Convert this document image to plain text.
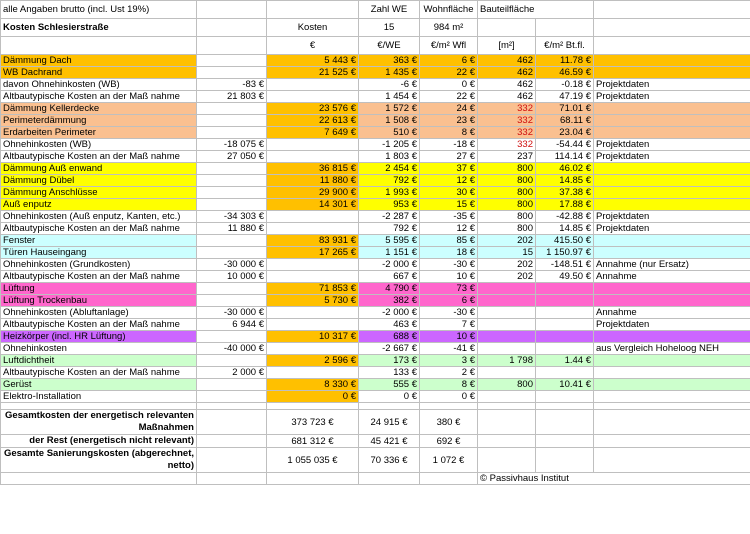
alle Angaben brutto (incl. Ust 19%)			Zahl WE	Wohnfläche	Bauteilfläche		
Kosten Schlesierstraße		Kosten	15	984 m²			
		€	€/WE	€/m² Wfl	[m²]	€/m² Bt.fl.	
Dämmung Dach		5 443 €	363 €	6 €	462	11.78 €	
WB Dachrand		21 525 €	1 435 €	22 €	462	46.59 €	
davon Ohnehinkosten (WB)	-83 €		-6 €	0 €	462	-0.18 €	Projektdaten
Altbautypische Kosten an der Maß nahme	21 803 €		1 454 €	22 €	462	47.19 €	Projektdaten
Dämmung Kellerdecke		23 576 €	1 572 €	24 €	332	71.01 €	
Perimeterdämmung		22 613 €	1 508 €	23 €	332	68.11 €	
Erdarbeiten Perimeter		7 649 €	510 €	8 €	332	23.04 €	
Ohnehinkosten (WB)	-18 075 €		-1 205 €	-18 €	332	-54.44 €	Projektdaten
Altbautypische Kosten an der Maß nahme	27 050 €		1 803 €	27 €	237	114.14 €	Projektdaten
Dämmung Auß enwand		36 815 €	2 454 €	37 €	800	46.02 €	
Dämmung Dübel		11 880 €	792 €	12 €	800	14.85 €	
Dämmung Anschlüsse		29 900 €	1 993 €	30 €	800	37.38 €	
Auß enputz		14 301 €	953 €	15 €	800	17.88 €	
Ohnehinkosten (Auß enputz, Kanten, etc.)	-34 303 €		-2 287 €	-35 €	800	-42.88 €	Projektdaten
Altbautypische Kosten an der Maß nahme	11 880 €		792 €	12 €	800	14.85 €	Projektdaten
Fenster		83 931 €	5 595 €	85 €	202	415.50 €	
Türen Hauseingang		17 265 €	1 151 €	18 €	15	1 150.97 €	
Ohnehinkosten (Grundkosten)	-30 000 €		-2 000 €	-30 €	202	-148.51 €	Annahme (nur Ersatz)
Altbautypische Kosten an der Maß nahme	10 000 €		667 €	10 €	202	49.50 €	Annahme
Lüftung		71 853 €	4 790 €	73 €			
Lüftung Trockenbau		5 730 €	382 €	6 €			
Ohnehinkosten (Abluftanlage)	-30 000 €		-2 000 €	-30 €			Annahme
Altbautypische Kosten an der Maß nahme	6 944 €		463 €	7 €			Projektdaten
Heizkörper (incl. HR Lüftung)		10 317 €	688 €	10 €			
Ohnehinkosten	-40 000 €		-2 667 €	-41 €			aus Vergleich Hoheloog NEH
Luftdichtheit		2 596 €	173 €	3 €	1 798	1.44 €	
Altbautypische Kosten an der Maß nahme	2 000 €		133 €	2 €			
Gerüst		8 330 €	555 €	8 €	800	10.41 €	
Elektro-Installation		0 €	0 €	0 €			

Gesamtkosten der energetisch relevanten Maßnahmen		373 723 €	24 915 €	380 €			
der Rest (energetisch nicht relevant)		681 312 €	45 421 €	692 €			
Gesamte Sanierungskosten (abgerechnet, netto)		1 055 035 €	70 336 €	1 072 €			
					© Passivhaus Institut		
